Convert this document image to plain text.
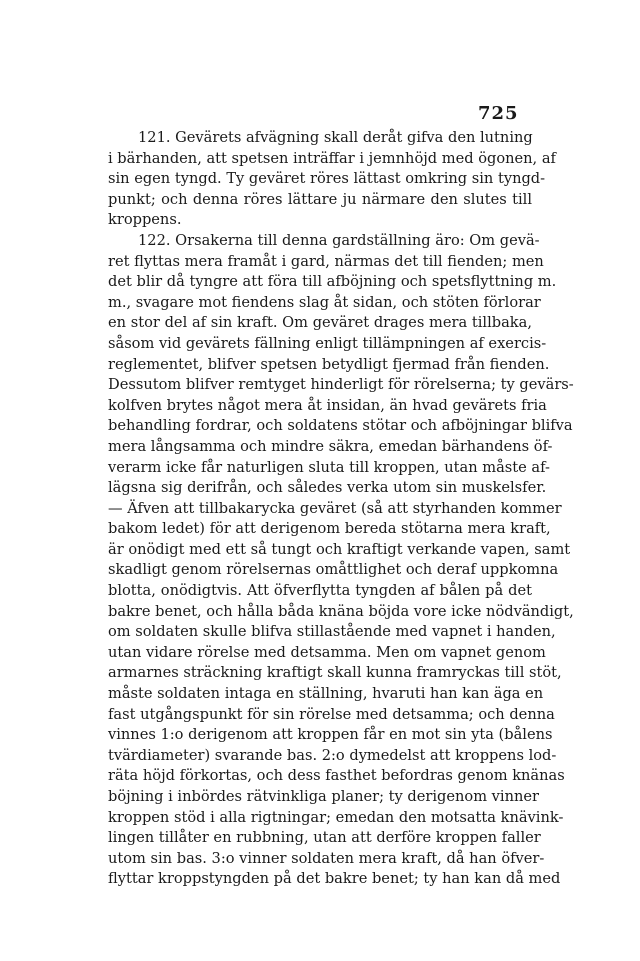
725
121. Gevärets afvägning skall deråt gifva den lutning
i bärhanden, att spetsen inträffar i jemnhöjd med ögonen, af
sin egen tyngd. Ty geväret röres lättast omkring sin tyngd-
punkt; och denna röres lättare ju närmare den slutes till
kroppens.
122. Orsakerna till denna gardställning äro: Om gevä-
ret flyttas mera framåt i gard, närmas det till fienden; men
det blir då tyngre att föra till afböjning och spetsflyttning m.
m., svagare mot fiendens slag åt sidan, och stöten förlorar
en stor del af sin kraft. Om geväret drages mera tillbaka,
såsom vid gevärets fällning enligt tillämpningen af exercis-
reglementet, blifver spetsen betydligt fjermad från fienden.
Dessutom blifver remtyget hinderligt för rörelserna; ty gevärs-
kolfven brytes något mera åt insidan, än hvad gevärets fria
behandling fordrar, och soldatens stötar och afböjningar blifva
mera långsamma och mindre säkra, emedan bärhandens öf-
verarm icke får naturligen sluta till kroppen, utan måste af-
lägsna sig derifrån, och således verka utom sin muskelsfer.
— Äfven att tillbakarycka geväret (så att styrhanden kommer
bakom ledet) för att derigenom bereda stötarna mera kraft,
är onödigt med ett så tungt och kraftigt verkande vapen, samt
skadligt genom rörelsernas omåttlighet och deraf uppkomna
blotta, onödigtvis. Att öfverflytta tyngden af bålen på det
bakre benet, och hålla båda knäna böjda vore icke nödvändigt,
om soldaten skulle blifva stillastående med vapnet i handen,
utan vidare rörelse med detsamma. Men om vapnet genom
armarnes sträckning kraftigt skall kunna framryckas till stöt,
måste soldaten intaga en ställning, hvaruti han kan äga en
fast utgångspunkt för sin rörelse med detsamma; och denna
vinnes 1:o derigenom att kroppen får en mot sin yta (bålens
tvärdiameter) svarande bas. 2:o dymedelst att kroppens lod-
räta höjd förkortas, och dess fasthet befordras genom knänas
böjning i inbördes rätvinkliga planer; ty derigenom vinner
kroppen stöd i alla rigtningar; emedan den motsatta knävink-
lingen tillåter en rubbning, utan att derföre kroppen faller
utom sin bas. 3:o vinner soldaten mera kraft, då han öfver-
flyttar kroppstyngden på det bakre benet; ty han kan då med
